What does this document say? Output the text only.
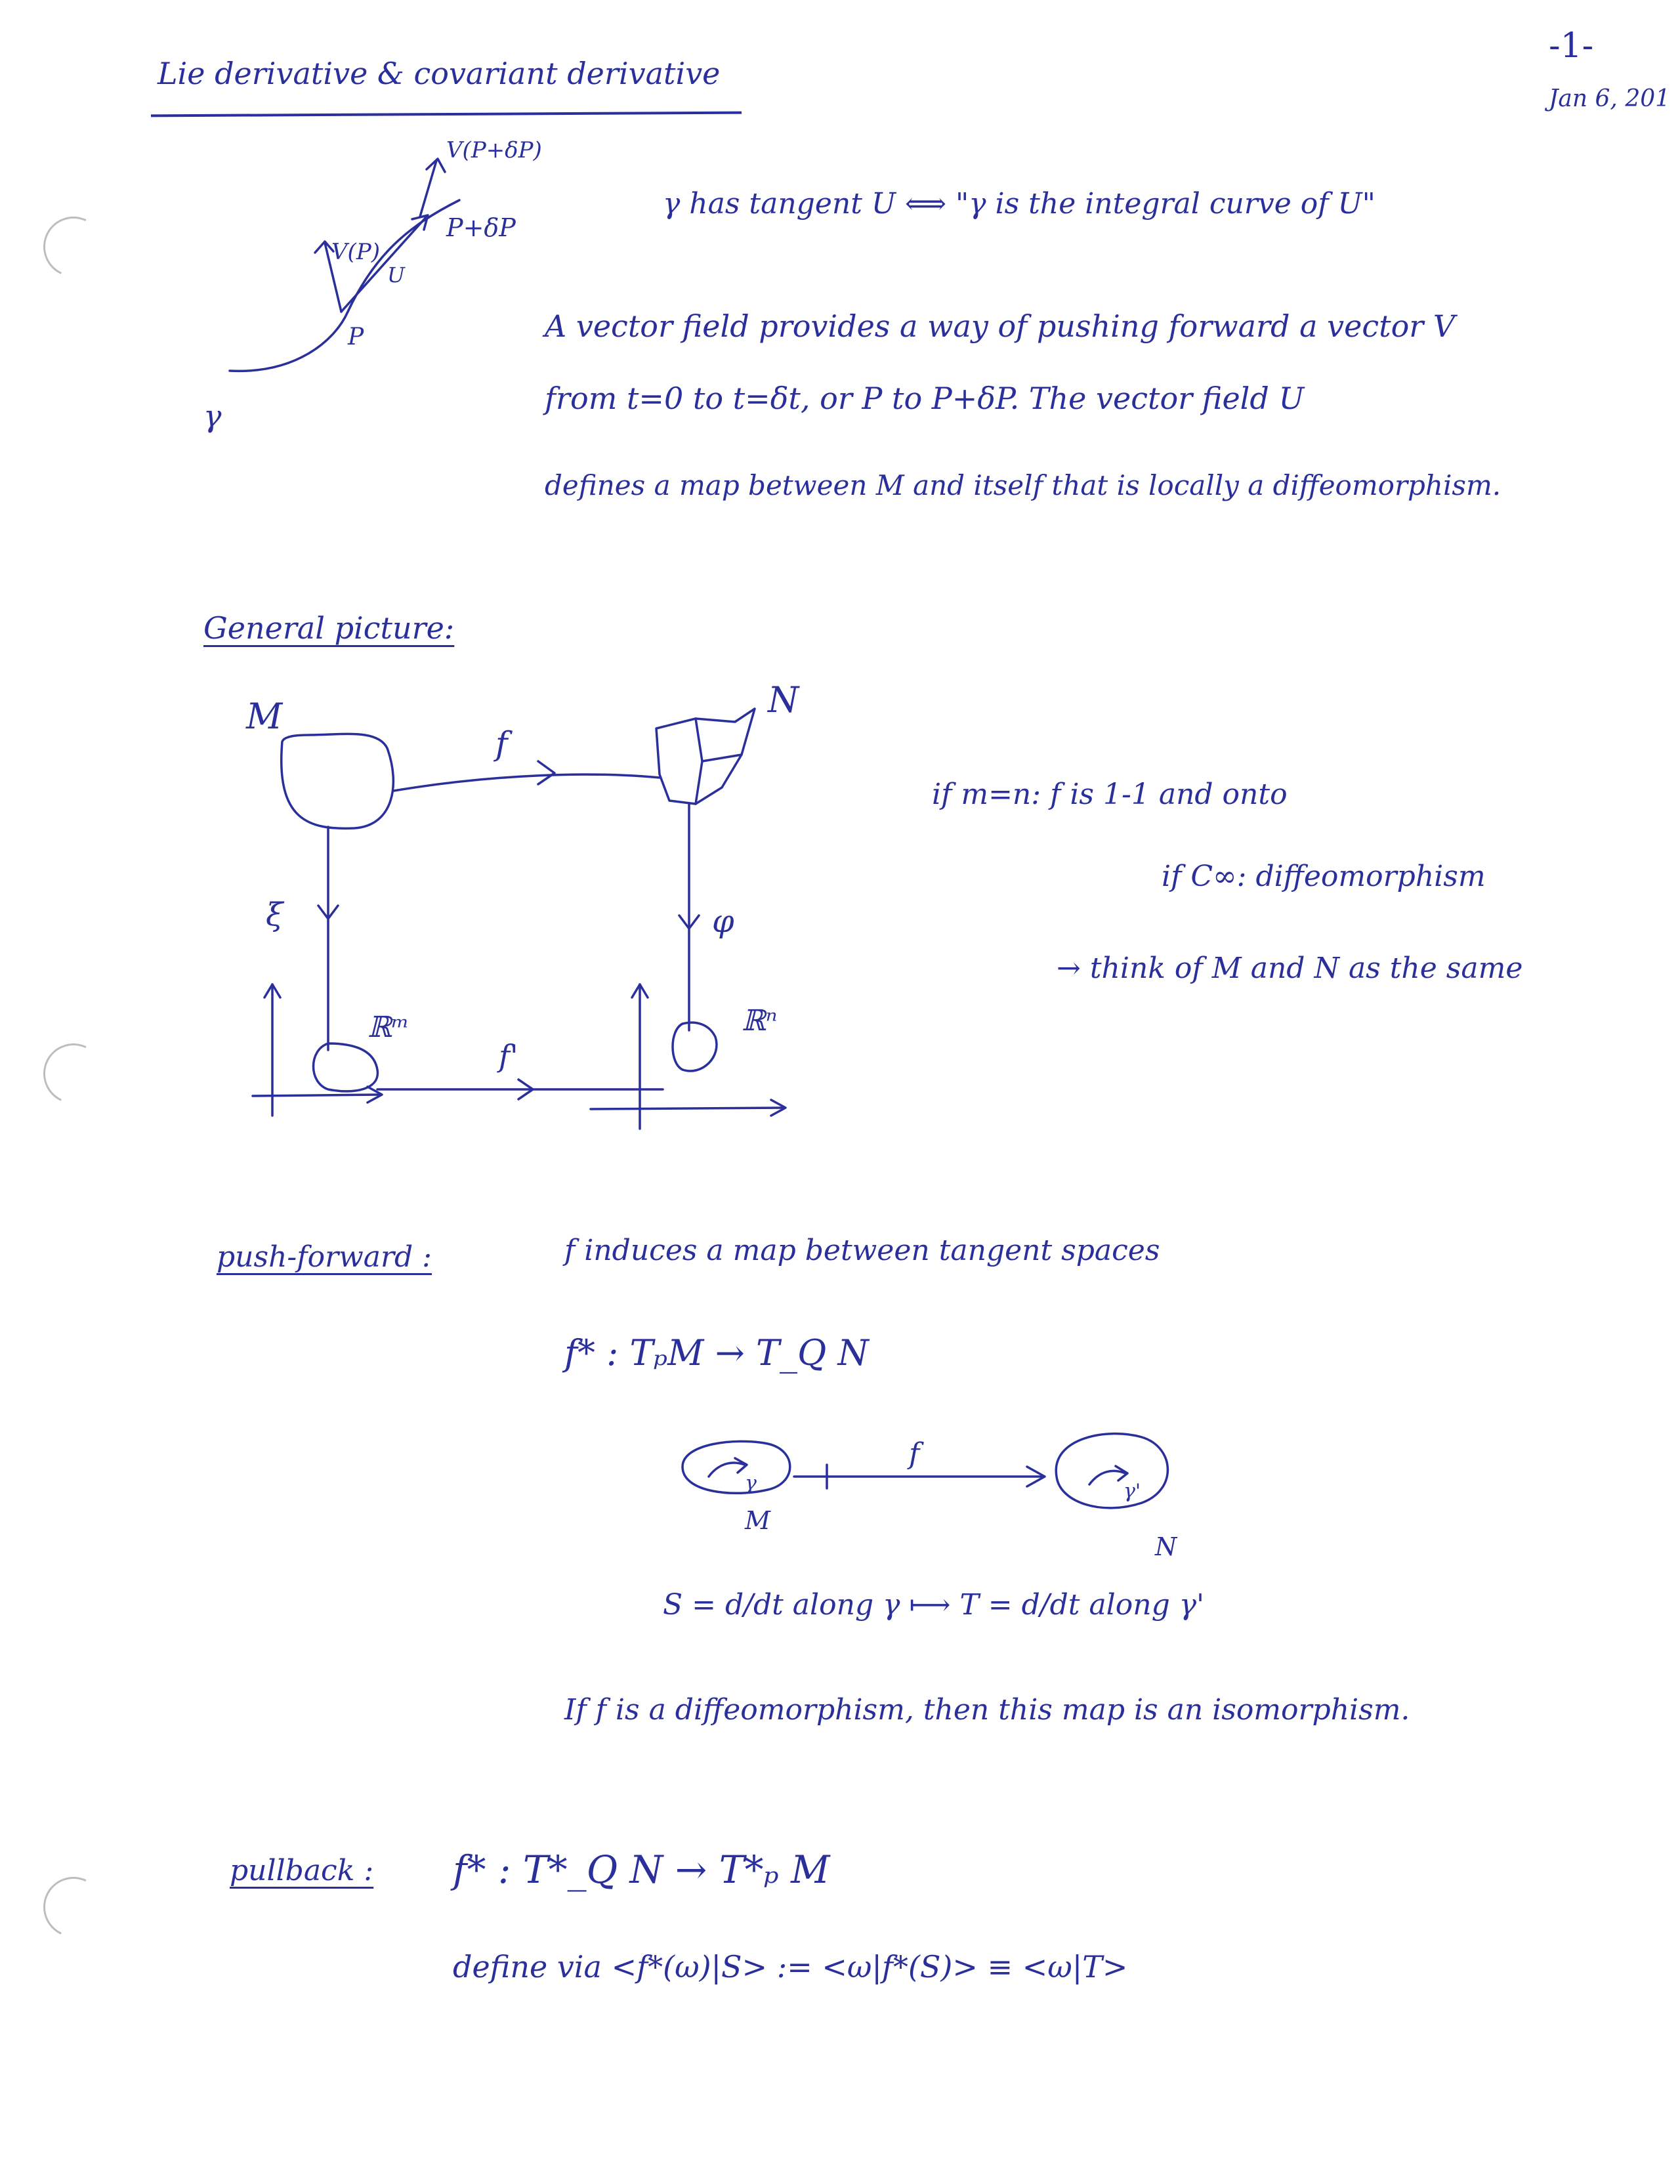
Lie derivative & covariant derivative
-1-
Jan 6, 201
V(P)
V(P+δP)
U
P
P+δP
γ
γ has tangent U ⟺ "γ is the integral curve of U"
A vector field provides a way of pushing forward a vector V
from t=0 to t=δt, or P to P+δP. The vector field U
defines a map between M and itself that is locally a diffeomorphism.
General picture:
f
M	N
ξ	φ
ℝᵐ
f'
ℝⁿ
if m=n: f is 1-1 and onto
if C∞: diffeomorphism
→ think of M and N as the same
push-forward :	f induces a map between tangent spaces
f* : TₚM → T_Q N
γ
M
f
γ'
N
S = d/dt along γ ⟼ T = d/dt along γ'
If f is a diffeomorphism, then this map is an isomorphism.
pullback : f* : T*_Q N → T*ₚ M
define via <f*(ω)|S> := <ω|f*(S)> ≡ <ω|T>
